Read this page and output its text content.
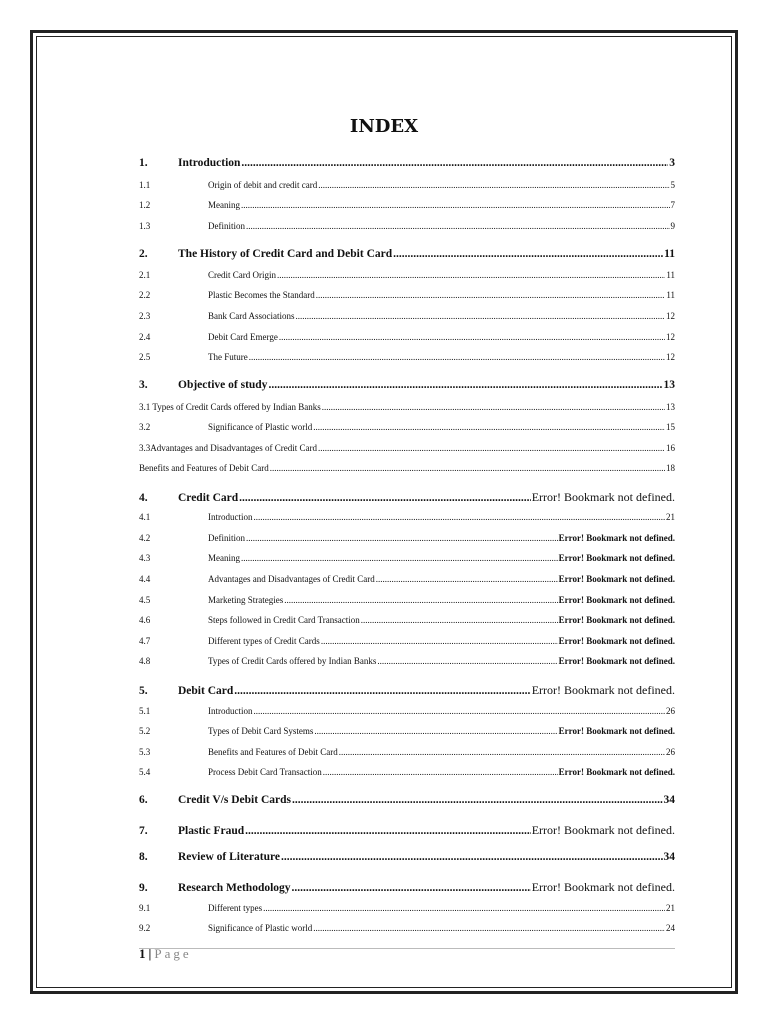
INDEX
1.	Introduction .....	3
1.1	Origin of debit and credit card .....	5
1.2	Meaning .....	7
1.3	Definition .....	9
2.	The History of Credit Card and Debit Card .....	11
2.1	Credit Card Origin .....	11
2.2	Plastic Becomes the Standard .....	11
2.3	Bank Card Associations .....	12
2.4	Debit Card Emerge .....	12
2.5	The Future .....	12
3.	Objective of study .....	13
3.1 Types of Credit Cards offered by Indian Banks .....	13
3.2	Significance of Plastic world .....	15
3.3Advantages and Disadvantages of Credit Card .....	16
Benefits and Features of Debit Card .....	18
4.	Credit Card .....	Error! Bookmark not defined.
4.1	Introduction .....	21
4.2	Definition .....	Error! Bookmark not defined.
4.3	Meaning .....	Error! Bookmark not defined.
4.4	Advantages and Disadvantages of Credit Card .....	Error! Bookmark not defined.
4.5	Marketing Strategies .....	Error! Bookmark not defined.
4.6	Steps followed in Credit Card Transaction .....	Error! Bookmark not defined.
4.7	Different types of Credit Cards .....	Error! Bookmark not defined.
4.8	Types of Credit Cards offered by Indian Banks .....	Error! Bookmark not defined.
5.	Debit Card .....	Error! Bookmark not defined.
5.1	Introduction .....	26
5.2	Types of Debit Card Systems .....	Error! Bookmark not defined.
5.3	Benefits and Features of Debit Card .....	26
5.4	Process Debit Card Transaction .....	Error! Bookmark not defined.
6.	Credit V/s Debit Cards .....	34
7.	Plastic Fraud .....	Error! Bookmark not defined.
8.	Review of Literature .....	34
9.	Research Methodology .....	Error! Bookmark not defined.
9.1	Different types .....	21
9.2	Significance of Plastic world .....	24
1 | Page
